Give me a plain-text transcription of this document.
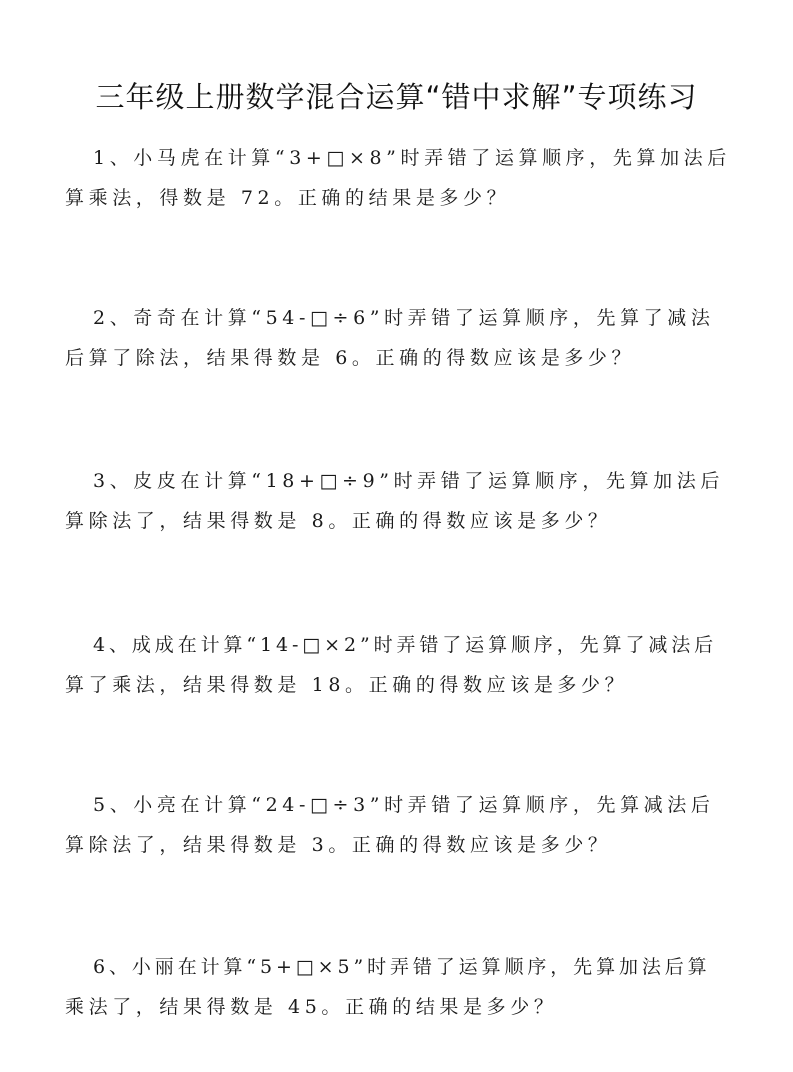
三年级上册数学混合运算“错中求解”专项练习
1、小马虎在计算“3+□×8”时弄错了运算顺序，先算加法后
算乘法，得数是 72。正确的结果是多少？
2、奇奇在计算“54-□÷6”时弄错了运算顺序，先算了减法
后算了除法，结果得数是 6。正确的得数应该是多少？
3、皮皮在计算“18+□÷9”时弄错了运算顺序，先算加法后
算除法了，结果得数是 8。正确的得数应该是多少？
4、成成在计算“14-□×2”时弄错了运算顺序，先算了减法后
算了乘法，结果得数是 18。正确的得数应该是多少？
5、小亮在计算“24-□÷3”时弄错了运算顺序，先算减法后
算除法了，结果得数是 3。正确的得数应该是多少？
6、小丽在计算“5+□×5”时弄错了运算顺序，先算加法后算
乘法了，结果得数是 45。正确的结果是多少？
